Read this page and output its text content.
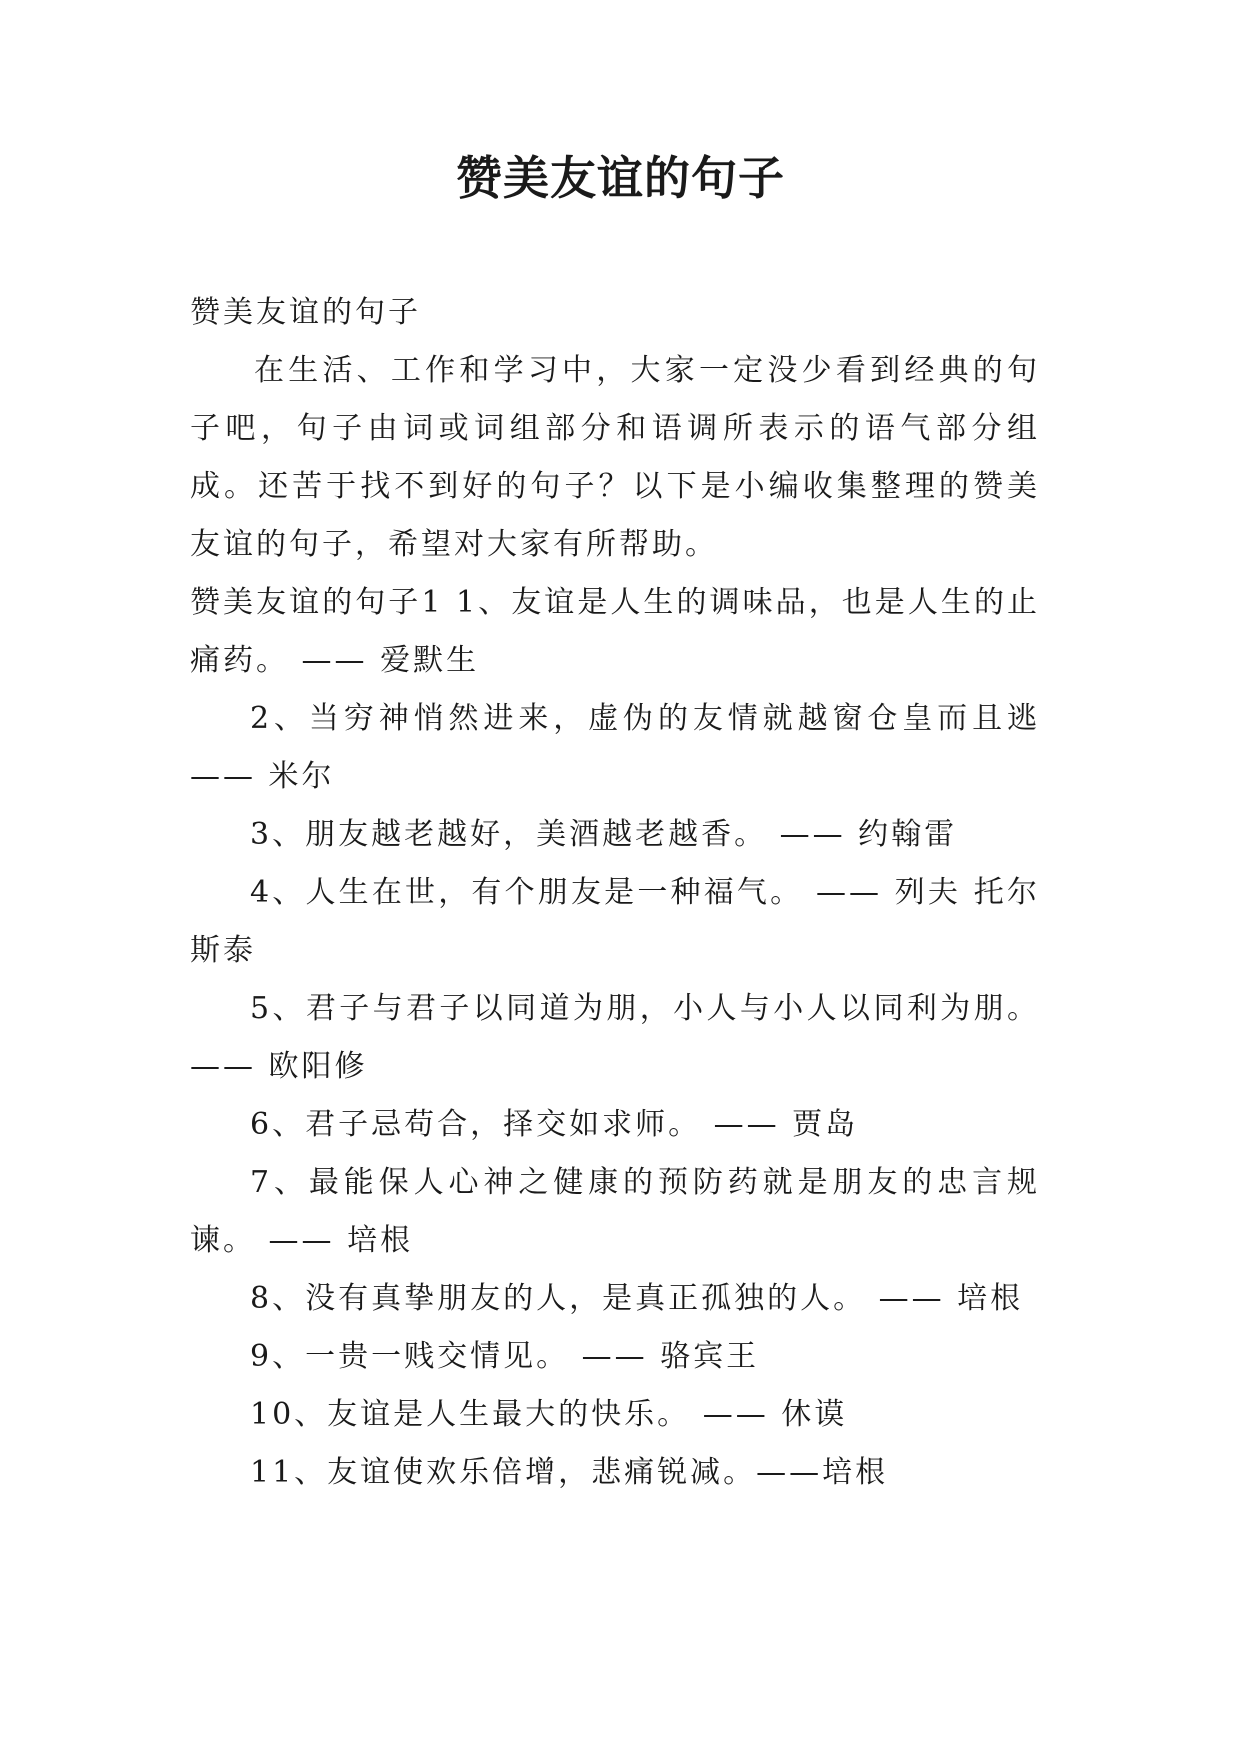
赞美友谊的句子

赞美友谊的句子

在生活、工作和学习中，大家一定没少看到经典的句子吧，句子由词或词组部分和语调所表示的语气部分组成。还苦于找不到好的句子？以下是小编收集整理的赞美友谊的句子，希望对大家有所帮助。

赞美友谊的句子1 1、友谊是人生的调味品，也是人生的止痛药。 —— 爱默生

2、当穷神悄然进来，虚伪的友情就越窗仓皇而且逃 —— 米尔

3、朋友越老越好，美酒越老越香。 —— 约翰雷

4、人生在世，有个朋友是一种福气。 —— 列夫 托尔斯泰

5、君子与君子以同道为朋，小人与小人以同利为朋。 —— 欧阳修

6、君子忌苟合，择交如求师。 —— 贾岛

7、最能保人心神之健康的预防药就是朋友的忠言规谏。 —— 培根

8、没有真挚朋友的人，是真正孤独的人。 —— 培根

9、一贵一贱交情见。 —— 骆宾王

10、友谊是人生最大的快乐。 —— 休谟

11、友谊使欢乐倍增，悲痛锐减。——培根
